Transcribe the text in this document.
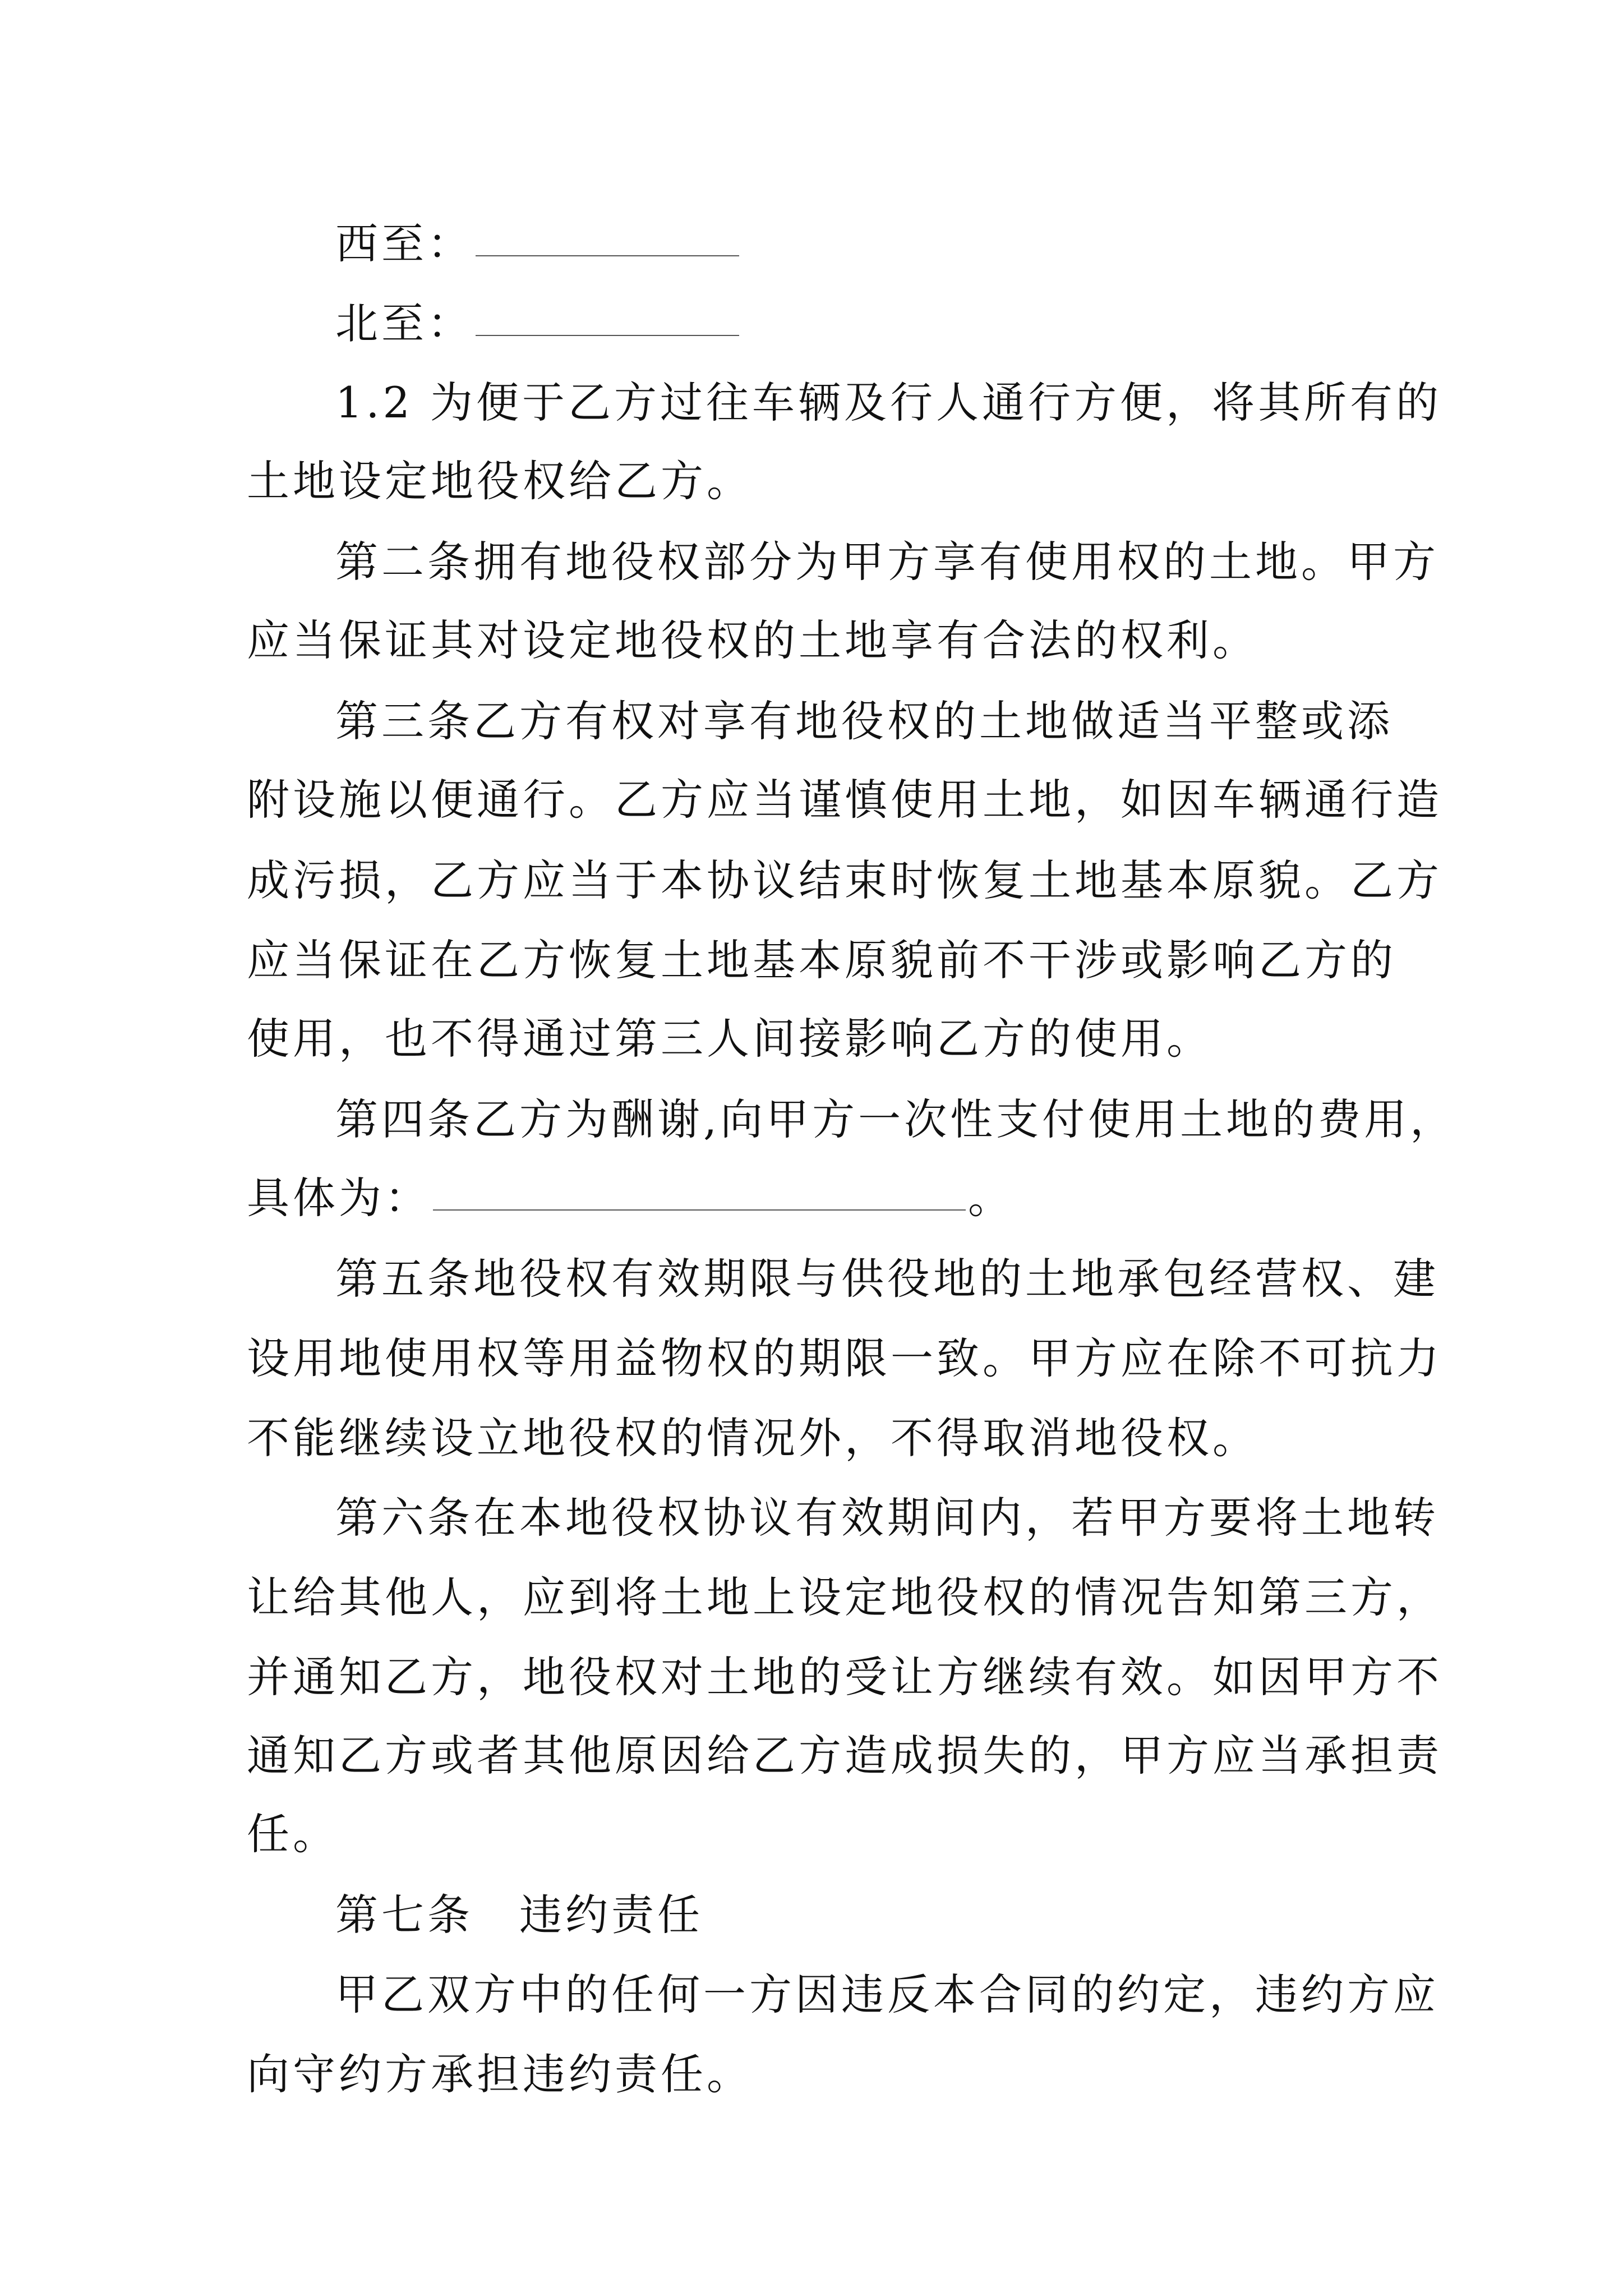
西至：
北至：
1.2 为便于乙方过往车辆及行人通行方便，将其所有的
土地设定地役权给乙方。
第二条拥有地役权部分为甲方享有使用权的土地。甲方
应当保证其对设定地役权的土地享有合法的权利。
第三条乙方有权对享有地役权的土地做适当平整或添
附设施以便通行。乙方应当谨慎使用土地，如因车辆通行造
成污损，乙方应当于本协议结束时恢复土地基本原貌。乙方
应当保证在乙方恢复土地基本原貌前不干涉或影响乙方的
使用，也不得通过第三人间接影响乙方的使用。
第四条乙方为酬谢,向甲方一次性支付使用土地的费用，
具体为：	。
第五条地役权有效期限与供役地的土地承包经营权、建
设用地使用权等用益物权的期限一致。甲方应在除不可抗力
不能继续设立地役权的情况外，不得取消地役权。
第六条在本地役权协议有效期间内，若甲方要将土地转
让给其他人，应到将土地上设定地役权的情况告知第三方，
并通知乙方，地役权对土地的受让方继续有效。如因甲方不
通知乙方或者其他原因给乙方造成损失的，甲方应当承担责
任。
第七条　违约责任
甲乙双方中的任何一方因违反本合同的约定，违约方应
向守约方承担违约责任。
